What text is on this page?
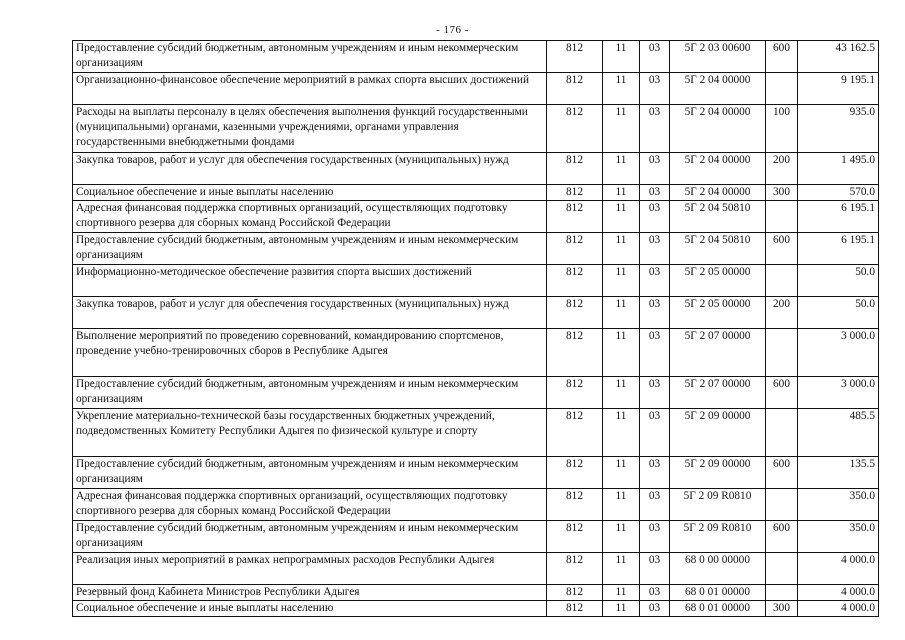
- 176 -
Предоставление субсидий бюджетным, автономным учреждениям и иным некоммерческим организациям	812	11	03	5Г 2 03 00600	600	43 162.5

Организационно-финансовое обеспечение мероприятий в рамках спорта высших достижений	812	11	03	5Г 2 04 00000		9 195.1

Расходы на выплаты персоналу в целях обеспечения выполнения функций государственными (муниципальными) органами, казенными учреждениями, органами управления государственными внебюджетными фондами	812	11	03	5Г 2 04 00000	100	935.0

Закупка товаров, работ и услуг для обеспечения государственных (муниципальных) нужд	812	11	03	5Г 2 04 00000	200	1 495.0

Социальное обеспечение и иные выплаты населению	812	11	03	5Г 2 04 00000	300	570.0

Адресная финансовая поддержка спортивных организаций, осуществляющих подготовку спортивного резерва для сборных команд Российской Федерации	812	11	03	5Г 2 04 50810		6 195.1

Предоставление субсидий бюджетным, автономным учреждениям и иным некоммерческим организациям	812	11	03	5Г 2 04 50810	600	6 195.1

Информационно-методическое обеспечение развития спорта высших достижений	812	11	03	5Г 2 05 00000		50.0

Закупка товаров, работ и услуг для обеспечения государственных (муниципальных) нужд	812	11	03	5Г 2 05 00000	200	50.0

Выполнение мероприятий по проведению соревнований, командированию спортсменов, проведение учебно-тренировочных сборов в Республике Адыгея	812	11	03	5Г 2 07 00000		3 000.0

Предоставление субсидий бюджетным, автономным учреждениям и иным некоммерческим организациям	812	11	03	5Г 2 07 00000	600	3 000.0

Укрепление материально-технической базы государственных бюджетных учреждений, подведомственных Комитету Республики Адыгея по физической культуре и спорту	812	11	03	5Г 2 09 00000		485.5

Предоставление субсидий бюджетным, автономным учреждениям и иным некоммерческим организациям	812	11	03	5Г 2 09 00000	600	135.5

Адресная финансовая поддержка спортивных организаций, осуществляющих подготовку спортивного резерва для сборных команд Российской Федерации	812	11	03	5Г 2 09 R0810		350.0

Предоставление субсидий бюджетным, автономным учреждениям и иным некоммерческим организациям	812	11	03	5Г 2 09 R0810	600	350.0

Реализация иных мероприятий в рамках непрограммных расходов Республики Адыгея	812	11	03	68 0 00 00000		4 000.0

Резервный фонд Кабинета Министров Республики Адыгея	812	11	03	68 0 01 00000		4 000.0

Социальное обеспечение и иные выплаты населению	812	11	03	68 0 01 00000	300	4 000.0
